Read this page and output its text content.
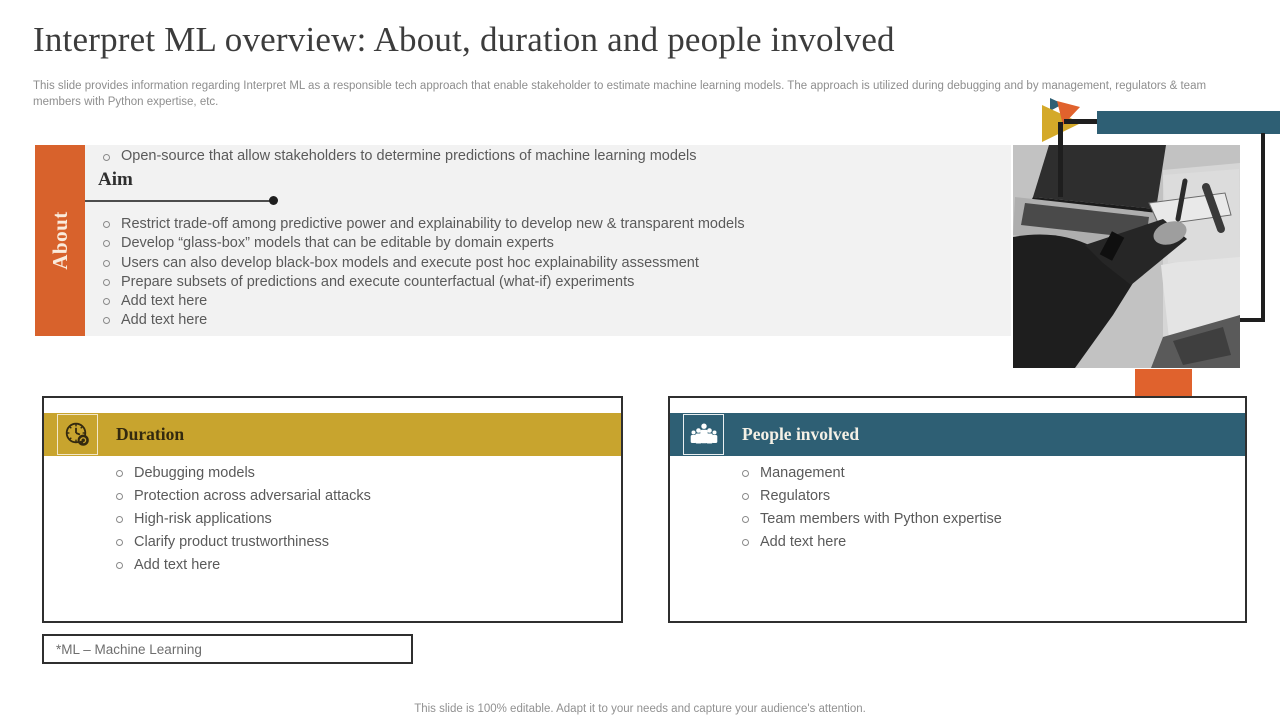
Interpret ML overview: About, duration and people involved

This slide provides information regarding Interpret ML as a responsible tech approach that enable stakeholder to estimate machine learning models. The approach is utilized during debugging and by management, regulators & team members with Python expertise, etc.

About
Open-source that allow stakeholders to determine predictions of machine learning models
Aim
Restrict trade-off among predictive power and explainability to develop new & transparent models
Develop “glass-box” models that can be editable by domain experts
Users can also develop black-box models and execute post hoc explainability assessment
Prepare subsets of predictions and execute counterfactual (what-if) experiments
Add text here
Add text here
Duration
Debugging models
Protection across adversarial attacks
High-risk applications
Clarify product trustworthiness
Add text here
People involved
Management
Regulators
Team members with Python expertise
Add text here
*ML – Machine Learning
This slide is 100% editable. Adapt it to your needs and capture your audience's attention.
